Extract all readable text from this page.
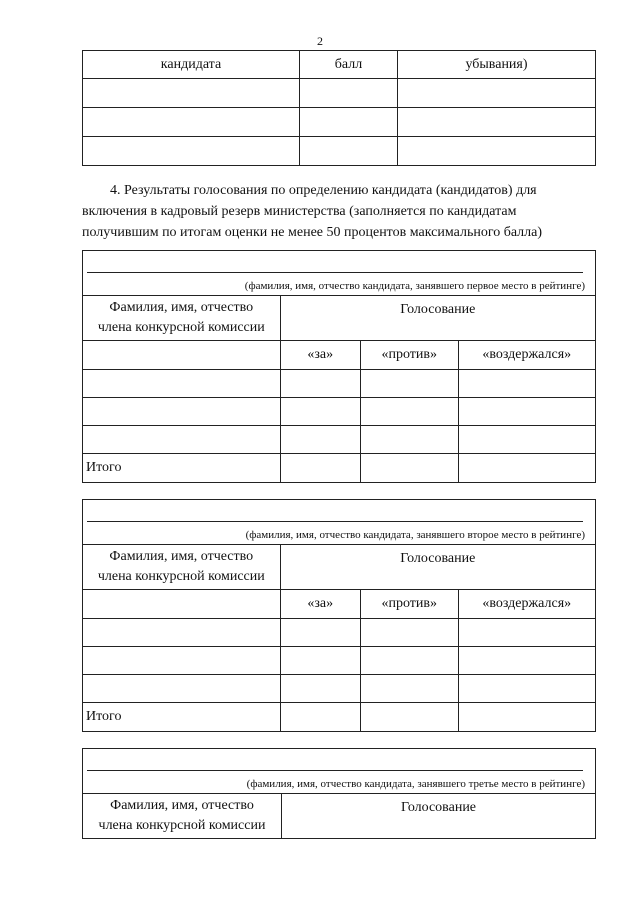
2
кандидата	балл	убывания)

4. Результаты голосования по определению кандидата (кандидатов) для
включения в кадровый резерв министерства (заполняется по кандидатам
получившим по итогам оценки не менее 50 процентов максимального балла)
(фамилия, имя, отчество кандидата, занявшего первое место в рейтинге)			

Фамилия, имя, отчество
члена конкурсной комиссии	Голосование		
	«за»	«против»	«воздержался»

Итого			
(фамилия, имя, отчество кандидата, занявшего второе место в рейтинге)			

Фамилия, имя, отчество
члена конкурсной комиссии	Голосование		
	«за»	«против»	«воздержался»

Итого			
(фамилия, имя, отчество кандидата, занявшего третье место в рейтинге)

Фамилия, имя, отчество
члена конкурсной комиссии	Голосование
